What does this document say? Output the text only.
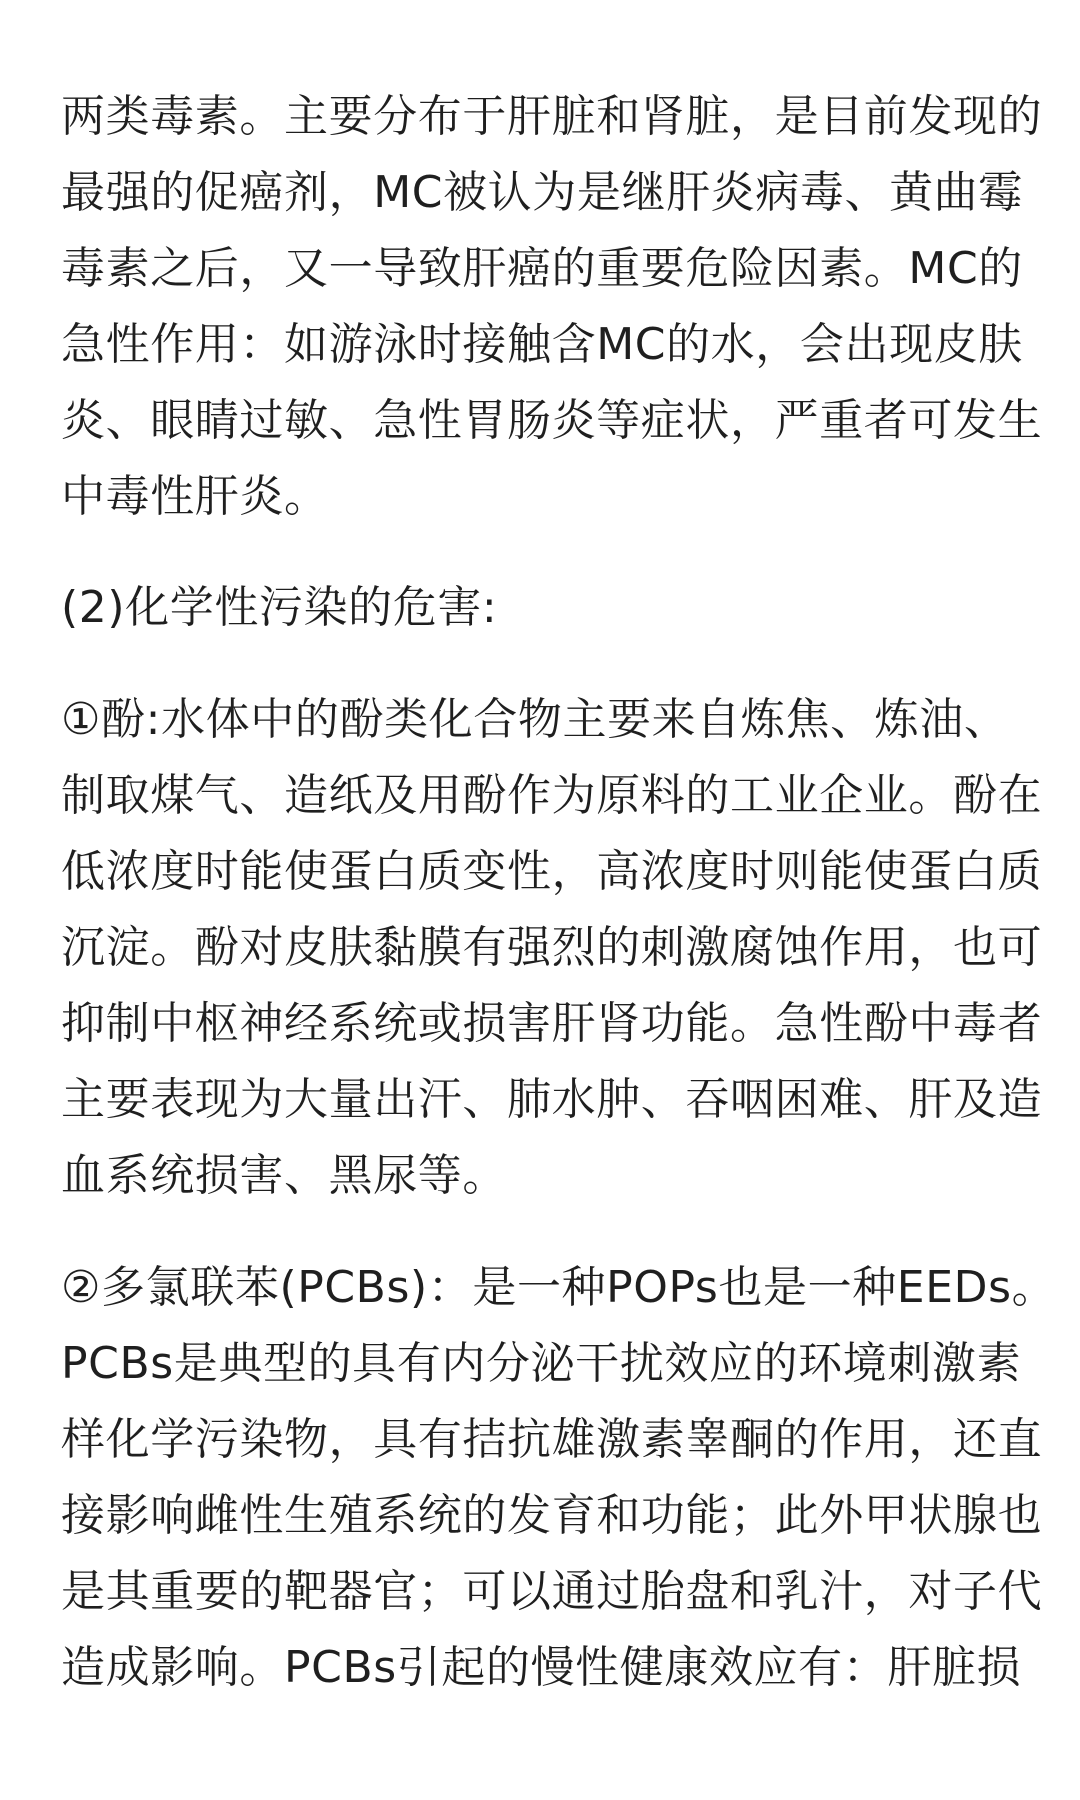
两类毒素。主要分布于肝脏和肾脏，是目前发现的
最强的促癌剂，MC被认为是继肝炎病毒、黄曲霉
毒素之后，又一导致肝癌的重要危险因素。MC的
急性作用：如游泳时接触含MC的水，会出现皮肤
炎、眼睛过敏、急性胃肠炎等症状，严重者可发生
中毒性肝炎。
(2)化学性污染的危害:
①酚:水体中的酚类化合物主要来自炼焦、炼油、
制取煤气、造纸及用酚作为原料的工业企业。酚在
低浓度时能使蛋白质变性，高浓度时则能使蛋白质
沉淀。酚对皮肤黏膜有强烈的刺激腐蚀作用，也可
抑制中枢神经系统或损害肝肾功能。急性酚中毒者
主要表现为大量出汗、肺水肿、吞咽困难、肝及造
血系统损害、黑尿等。
②多氯联苯(PCBs)：是一种POPs也是一种EEDs。
PCBs是典型的具有内分泌干扰效应的环境刺激素
样化学污染物，具有拮抗雄激素睾酮的作用，还直
接影响雌性生殖系统的发育和功能；此外甲状腺也
是其重要的靶器官；可以通过胎盘和乳汁，对子代
造成影响。PCBs引起的慢性健康效应有：肝脏损
